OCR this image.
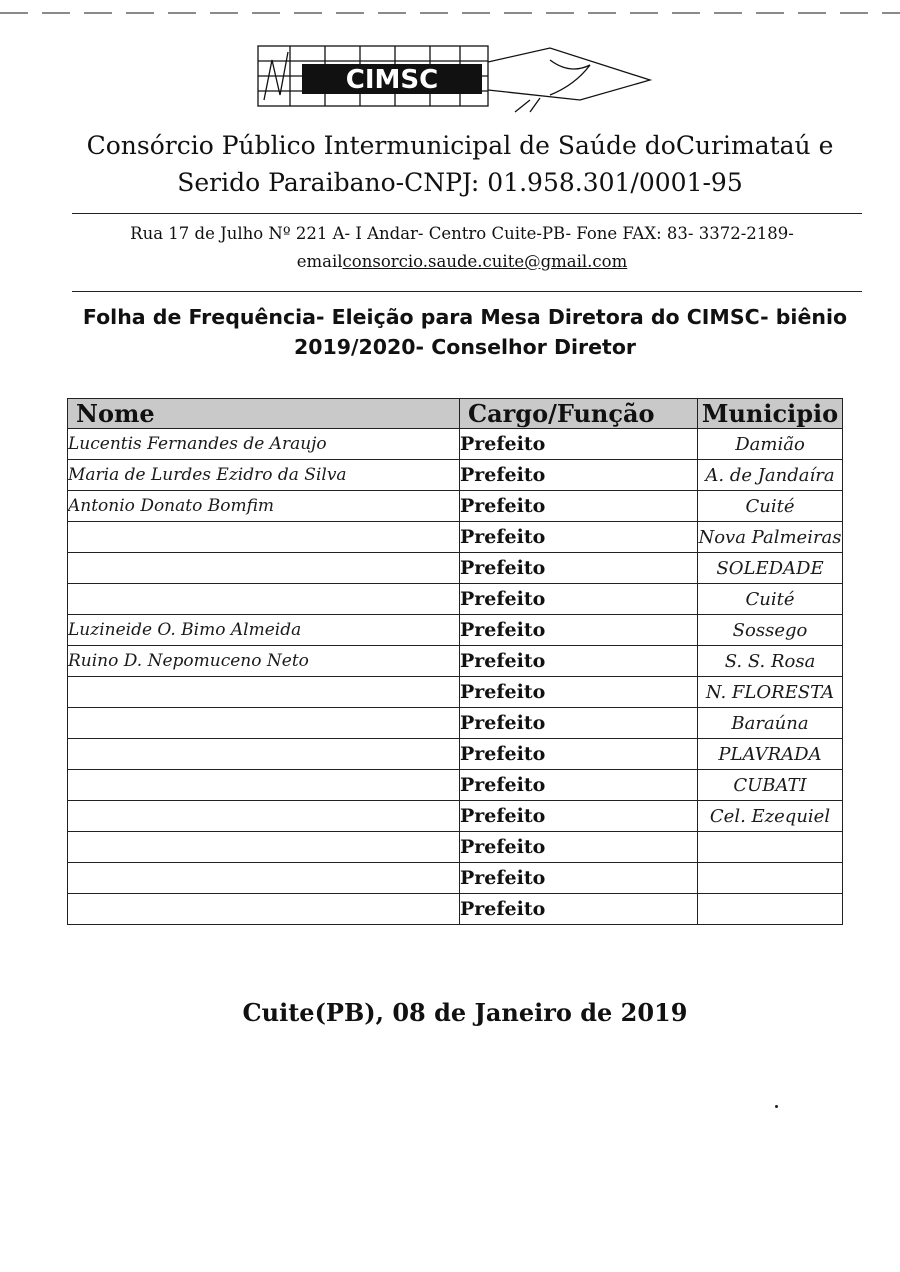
CIMSC
Consórcio Público Intermunicipal de Saúde doCurimataú e
Serido Paraibano-CNPJ: 01.958.301/0001-95
Rua 17 de Julho Nº 221 A- I Andar- Centro Cuite-PB- Fone FAX: 83- 3372-2189-
emailconsorcio.saude.cuite@gmail.com
Folha de Frequência- Eleição para Mesa Diretora do CIMSC- biênio
2019/2020- Conselhor Diretor
Nome	Cargo/Função	Municipio
Lucentis Fernandes de Araujo	Prefeito	Damião
Maria de Lurdes Ezidro da Silva	Prefeito	A. de Jandaíra
Antonio Donato Bomfim	Prefeito	Cuité
	Prefeito	Nova Palmeiras
	Prefeito	SOLEDADE
	Prefeito	Cuité
Luzineide O. Bimo Almeida	Prefeito	Sossego
Ruino D. Nepomuceno Neto	Prefeito	S. S. Rosa
	Prefeito	N. FLORESTA
	Prefeito	Baraúna
	Prefeito	PLAVRADA
	Prefeito	CUBATI
	Prefeito	Cel. Ezequiel
	Prefeito	
	Prefeito	
	Prefeito	
Cuite(PB), 08 de Janeiro de 2019
